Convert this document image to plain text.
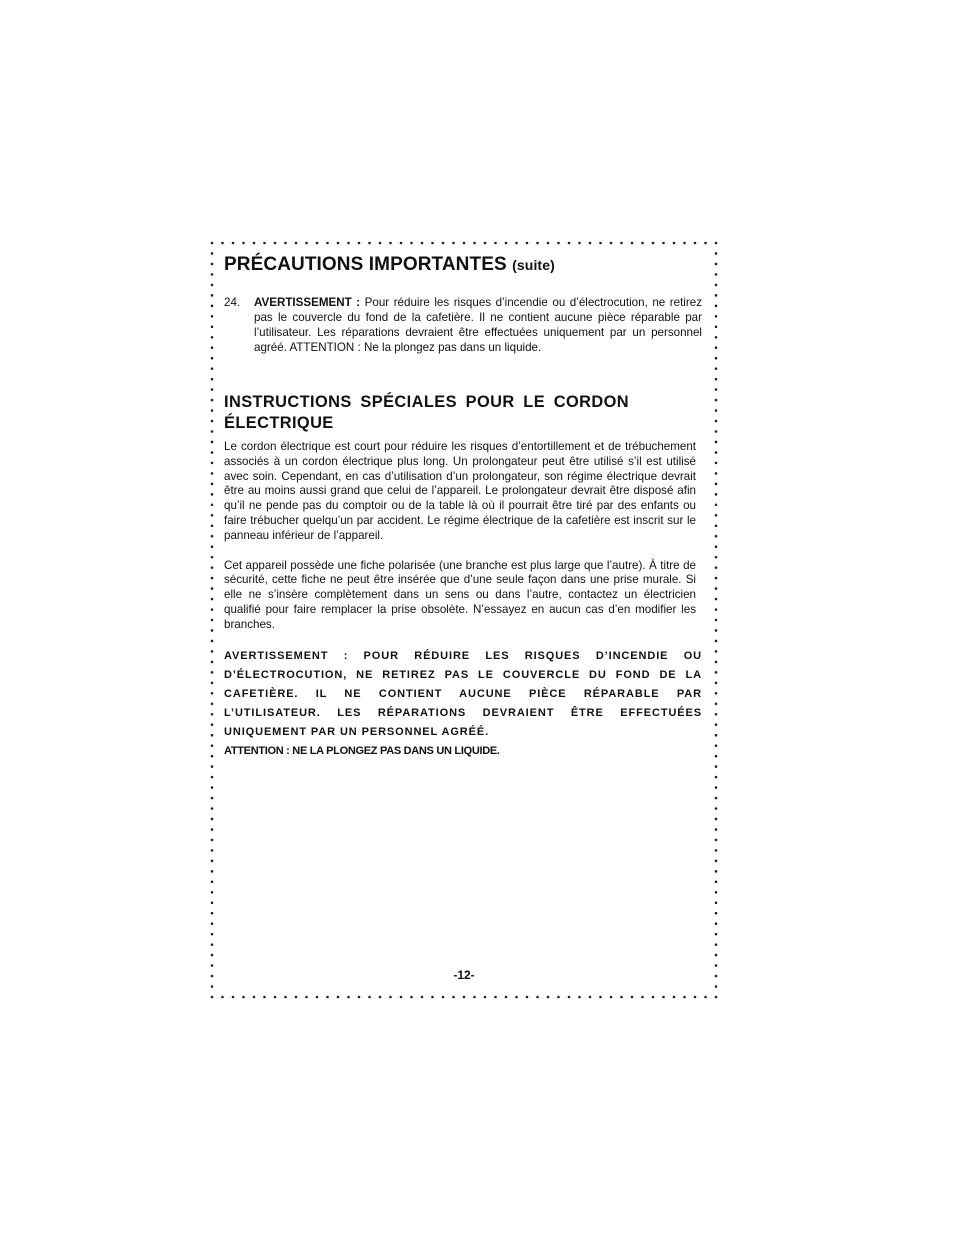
PRÉCAUTIONS IMPORTANTES (suite)
24.	AVERTISSEMENT : Pour réduire les risques d’incendie ou d’électrocution, ne retirez pas le couvercle du fond de la cafetière. Il ne contient aucune pièce réparable par l’utilisateur. Les réparations devraient être effectuées uniquement par un personnel agréé. ATTENTION : Ne la plongez pas dans un liquide.
INSTRUCTIONS SPÉCIALES POUR LE CORDON ÉLECTRIQUE

Le cordon électrique est court pour réduire les risques d’entortillement et de trébuchement associés à un cordon électrique plus long. Un prolongateur peut être utilisé s’il est utilisé avec soin. Cependant, en cas d’utilisation d’un prolongateur, son régime électrique devrait être au moins aussi grand que celui de l’appareil. Le prolongateur devrait être disposé afin qu’il ne pende pas du comptoir ou de la table là où il pourrait être tiré par des enfants ou faire trébucher quelqu’un par accident. Le régime électrique de la cafetière est inscrit sur le panneau inférieur de l’appareil.

Cet appareil possède une fiche polarisée (une branche est plus large que l’autre). À titre de sécurité, cette fiche ne peut être insérée que d’une seule façon dans une prise murale. Si elle ne s’insère complètement dans un sens ou dans l’autre, contactez un électricien qualifié pour faire remplacer la prise obsolète. N’essayez en aucun cas d’en modifier les branches.

AVERTISSEMENT : POUR RÉDUIRE LES RISQUES D’INCENDIE OU D’ÉLECTROCUTION, NE RETIREZ PAS LE COUVERCLE DU FOND DE LA CAFETIÈRE. IL NE CONTIENT AUCUNE PIÈCE RÉPARABLE PAR L’UTILISATEUR. LES RÉPARATIONS DEVRAIENT ÊTRE EFFECTUÉES UNIQUEMENT PAR UN PERSONNEL AGRÉÉ.
ATTENTION : NE LA PLONGEZ PAS DANS UN LIQUIDE.
-12-
